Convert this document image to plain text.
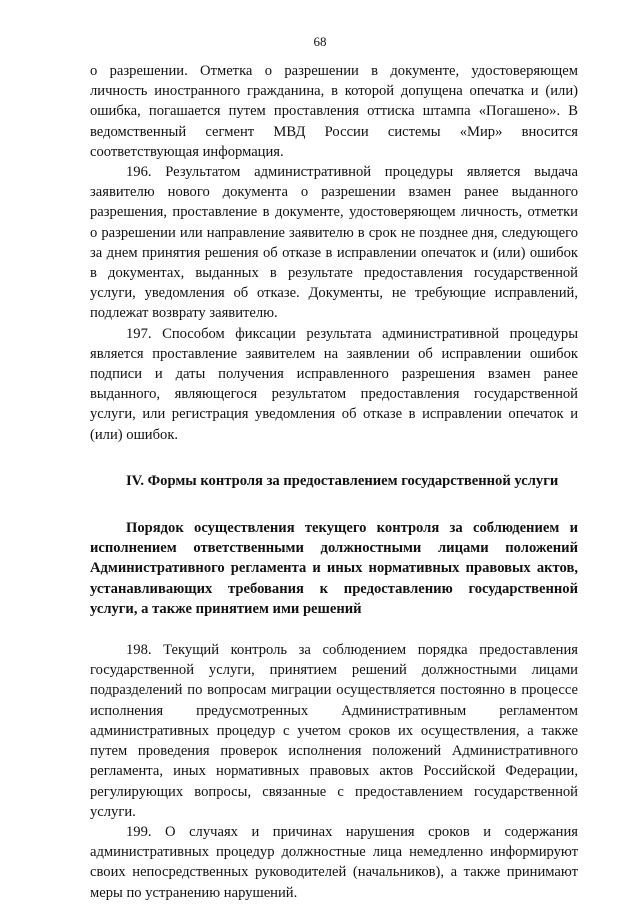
68

о разрешении. Отметка о разрешении в документе, удостоверяющем личность иностранного гражданина, в которой допущена опечатка и (или) ошибка, погашается путем проставления оттиска штампа «Погашено». В ведомственный сегмент МВД России системы «Мир» вносится соответствующая информация.

196. Результатом административной процедуры является выдача заявителю нового документа о разрешении взамен ранее выданного разрешения, проставление в документе, удостоверяющем личность, отметки о разрешении или направление заявителю в срок не позднее дня, следующего за днем принятия решения об отказе в исправлении опечаток и (или) ошибок в документах, выданных в результате предоставления государственной услуги, уведомления об отказе. Документы, не требующие исправлений, подлежат возврату заявителю.

197. Способом фиксации результата административной процедуры является проставление заявителем на заявлении об исправлении ошибок подписи и даты получения исправленного разрешения взамен ранее выданного, являющегося результатом предоставления государственной услуги, или регистрация уведомления об отказе в исправлении опечаток и (или) ошибок.

IV. Формы контроля за предоставлением государственной услуги

Порядок осуществления текущего контроля за соблюдением и исполнением ответственными должностными лицами положений Административного регламента и иных нормативных правовых актов, устанавливающих требования к предоставлению государственной услуги, а также принятием ими решений

198. Текущий контроль за соблюдением порядка предоставления государственной услуги, принятием решений должностными лицами подразделений по вопросам миграции осуществляется постоянно в процессе исполнения предусмотренных Административным регламентом административных процедур с учетом сроков их осуществления, а также путем проведения проверок исполнения положений Административного регламента, иных нормативных правовых актов Российской Федерации, регулирующих вопросы, связанные с предоставлением государственной услуги.

199. О случаях и причинах нарушения сроков и содержания административных процедур должностные лица немедленно информируют своих непосредственных руководителей (начальников), а также принимают меры по устранению нарушений.
